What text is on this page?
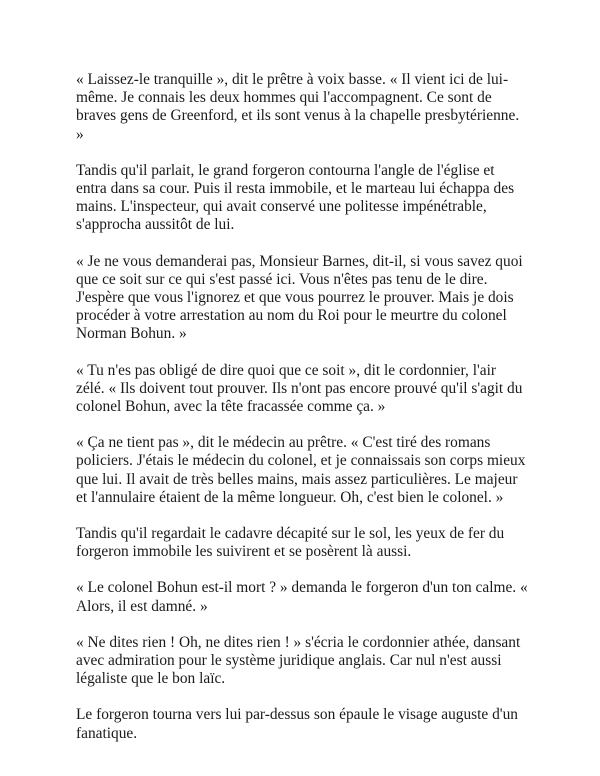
« Laissez-le tranquille », dit le prêtre à voix basse. « Il vient ici de lui-même. Je connais les deux hommes qui l'accompagnent. Ce sont de braves gens de Greenford, et ils sont venus à la chapelle presbytérienne. »

Tandis qu'il parlait, le grand forgeron contourna l'angle de l'église et entra dans sa cour. Puis il resta immobile, et le marteau lui échappa des mains. L'inspecteur, qui avait conservé une politesse impénétrable, s'approcha aussitôt de lui.

« Je ne vous demanderai pas, Monsieur Barnes, dit-il, si vous savez quoi que ce soit sur ce qui s'est passé ici. Vous n'êtes pas tenu de le dire. J'espère que vous l'ignorez et que vous pourrez le prouver. Mais je dois procéder à votre arrestation au nom du Roi pour le meurtre du colonel Norman Bohun. »

« Tu n'es pas obligé de dire quoi que ce soit », dit le cordonnier, l'air zélé. « Ils doivent tout prouver. Ils n'ont pas encore prouvé qu'il s'agit du colonel Bohun, avec la tête fracassée comme ça. »

« Ça ne tient pas », dit le médecin au prêtre. « C'est tiré des romans policiers. J'étais le médecin du colonel, et je connaissais son corps mieux que lui. Il avait de très belles mains, mais assez particulières. Le majeur et l'annulaire étaient de la même longueur. Oh, c'est bien le colonel. »

Tandis qu'il regardait le cadavre décapité sur le sol, les yeux de fer du forgeron immobile les suivirent et se posèrent là aussi.

« Le colonel Bohun est-il mort ? » demanda le forgeron d'un ton calme. « Alors, il est damné. »

« Ne dites rien ! Oh, ne dites rien ! » s'écria le cordonnier athée, dansant avec admiration pour le système juridique anglais. Car nul n'est aussi légaliste que le bon laïc.

Le forgeron tourna vers lui par-dessus son épaule le visage auguste d'un fanatique.
